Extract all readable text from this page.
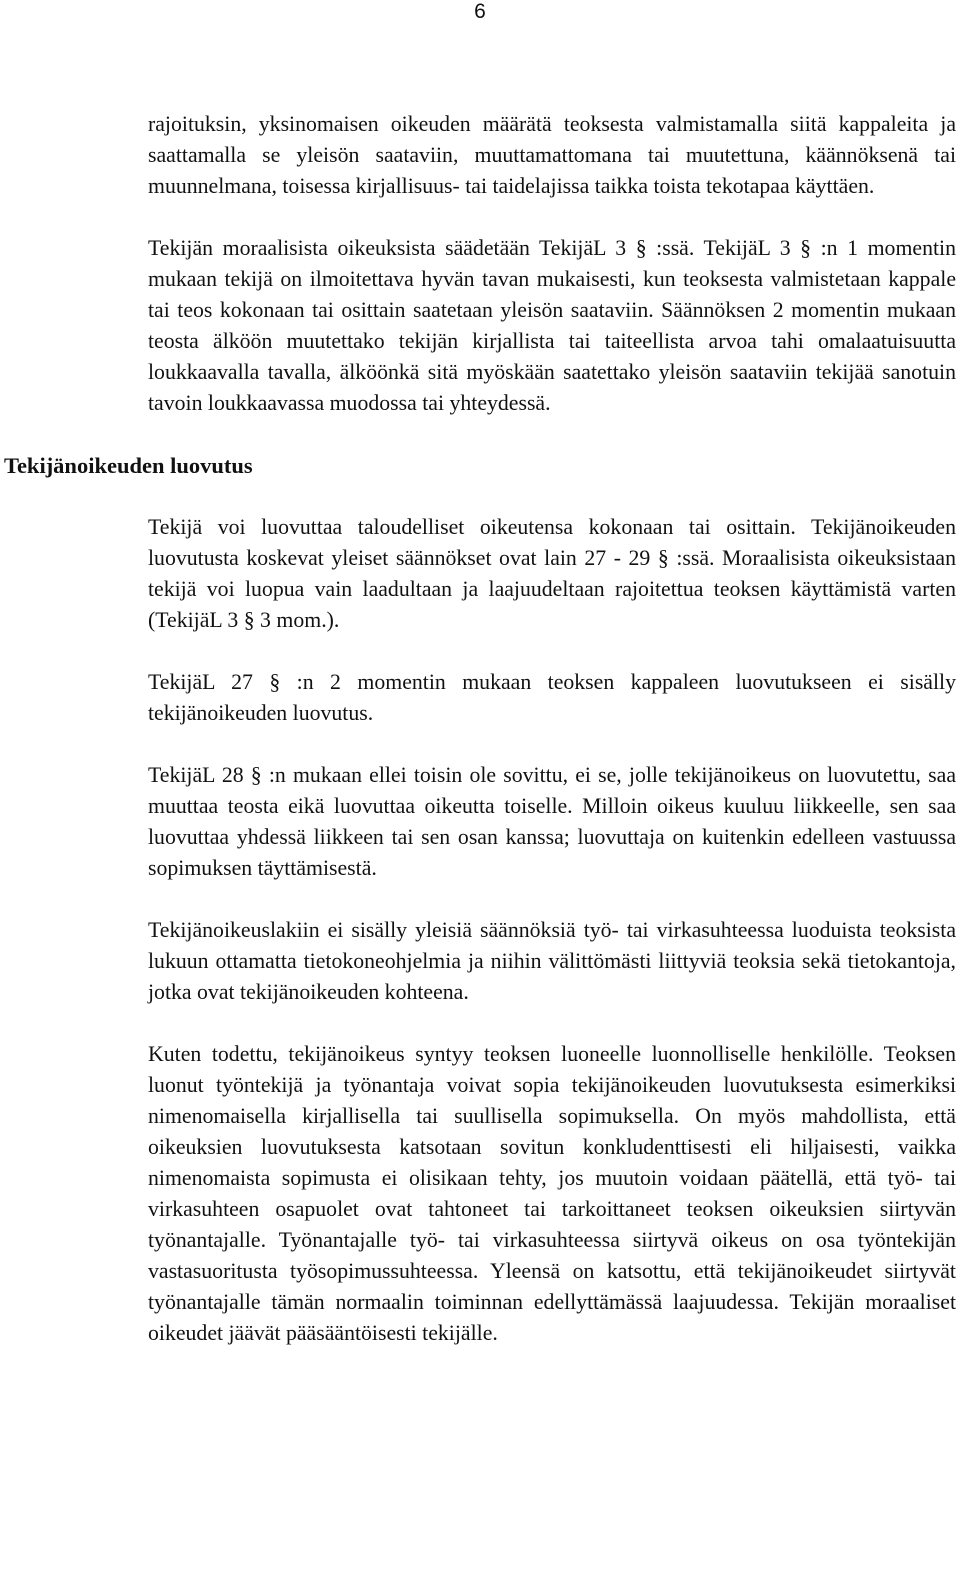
6

rajoituksin, yksinomaisen oikeuden määrätä teoksesta valmistamalla siitä kappaleita ja saattamalla se yleisön saataviin, muuttamattomana tai muutettuna, käännöksenä tai muunnelmana, toisessa kirjallisuus- tai taidelajissa taikka toista tekotapaa käyttäen.

Tekijän moraalisista oikeuksista säädetään TekijäL 3 § :ssä. TekijäL 3 § :n 1 momentin mukaan tekijä on ilmoitettava hyvän tavan mukaisesti, kun teoksesta valmistetaan kappale tai teos kokonaan tai osittain saatetaan yleisön saataviin. Säännöksen 2 momentin mukaan teosta älköön muutettako tekijän kirjallista tai taiteellista arvoa tahi omalaatuisuutta loukkaavalla tavalla, älköönkä sitä myöskään saatettako yleisön saataviin tekijää sanotuin tavoin loukkaavassa muodossa tai yhteydessä.

Tekijänoikeuden luovutus

Tekijä voi luovuttaa taloudelliset oikeutensa kokonaan tai osittain. Tekijänoikeuden luovutusta koskevat yleiset säännökset ovat lain 27 - 29 § :ssä. Moraalisista oikeuksistaan tekijä voi luopua vain laadultaan ja laajuudeltaan rajoitettua teoksen käyttämistä varten (TekijäL 3 § 3 mom.).

TekijäL 27 § :n 2 momentin mukaan teoksen kappaleen luovutukseen ei sisälly tekijänoikeuden luovutus.

TekijäL 28 § :n mukaan ellei toisin ole sovittu, ei se, jolle tekijänoikeus on luovutettu, saa muuttaa teosta eikä luovuttaa oikeutta toiselle. Milloin oikeus kuuluu liikkeelle, sen saa luovuttaa yhdessä liikkeen tai sen osan kanssa; luovuttaja on kuitenkin edelleen vastuussa sopimuksen täyttämisestä.

Tekijänoikeuslakiin ei sisälly yleisiä säännöksiä työ- tai virkasuhteessa luoduista teoksista lukuun ottamatta tietokoneohjelmia ja niihin välittömästi liittyviä teoksia sekä tietokantoja, jotka ovat tekijänoikeuden kohteena.

Kuten todettu, tekijänoikeus syntyy teoksen luoneelle luonnolliselle henkilölle. Teoksen luonut työntekijä ja työnantaja voivat sopia tekijänoikeuden luovutuksesta esimerkiksi nimenomaisella kirjallisella tai suullisella sopimuksella. On myös mahdollista, että oikeuksien luovutuksesta katsotaan sovitun konkludenttisesti eli hiljaisesti, vaikka nimenomaista sopimusta ei olisikaan tehty, jos muutoin voidaan päätellä, että työ- tai virkasuhteen osapuolet ovat tahtoneet tai tarkoittaneet teoksen oikeuksien siirtyvän työnantajalle. Työnantajalle työ- tai virkasuhteessa siirtyvä oikeus on osa työntekijän vastasuoritusta työsopimussuhteessa. Yleensä on katsottu, että tekijänoikeudet siirtyvät työnantajalle tämän normaalin toiminnan edellyttämässä laajuudessa. Tekijän moraaliset oikeudet jäävät pääsääntöisesti tekijälle.
